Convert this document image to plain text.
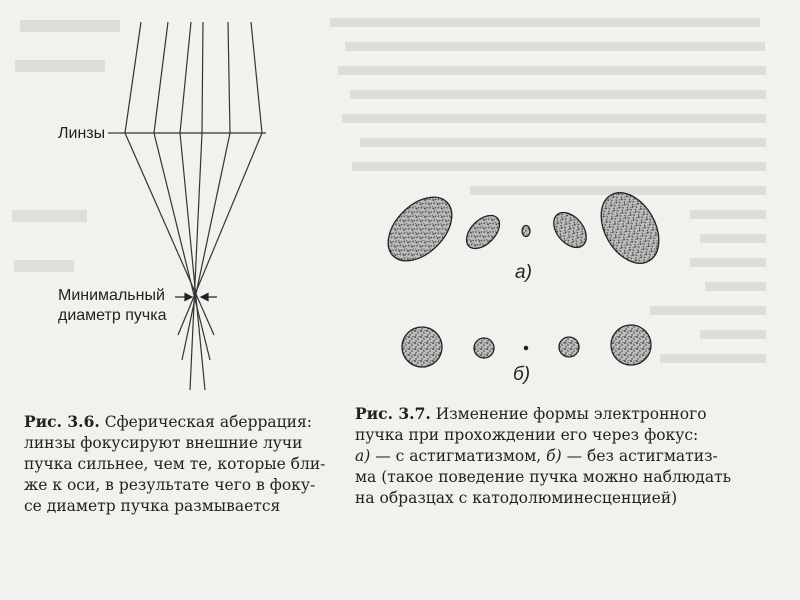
Линзы
Минимальный
диаметр пучка
Рис. 3.6. Сферическая аберрация:
линзы фокусируют внешние лучи
пучка сильнее, чем те, которые бли-
же к оси, в результате чего в фоку-
се диаметр пучка размывается
а)
б)
Рис. 3.7. Изменение формы электронного
пучка при прохождении его через фокус:
а) — с астигматизмом, б) — без астигматиз-
ма (такое поведение пучка можно наблюдать
на образцах с катодолюминесценцией)
